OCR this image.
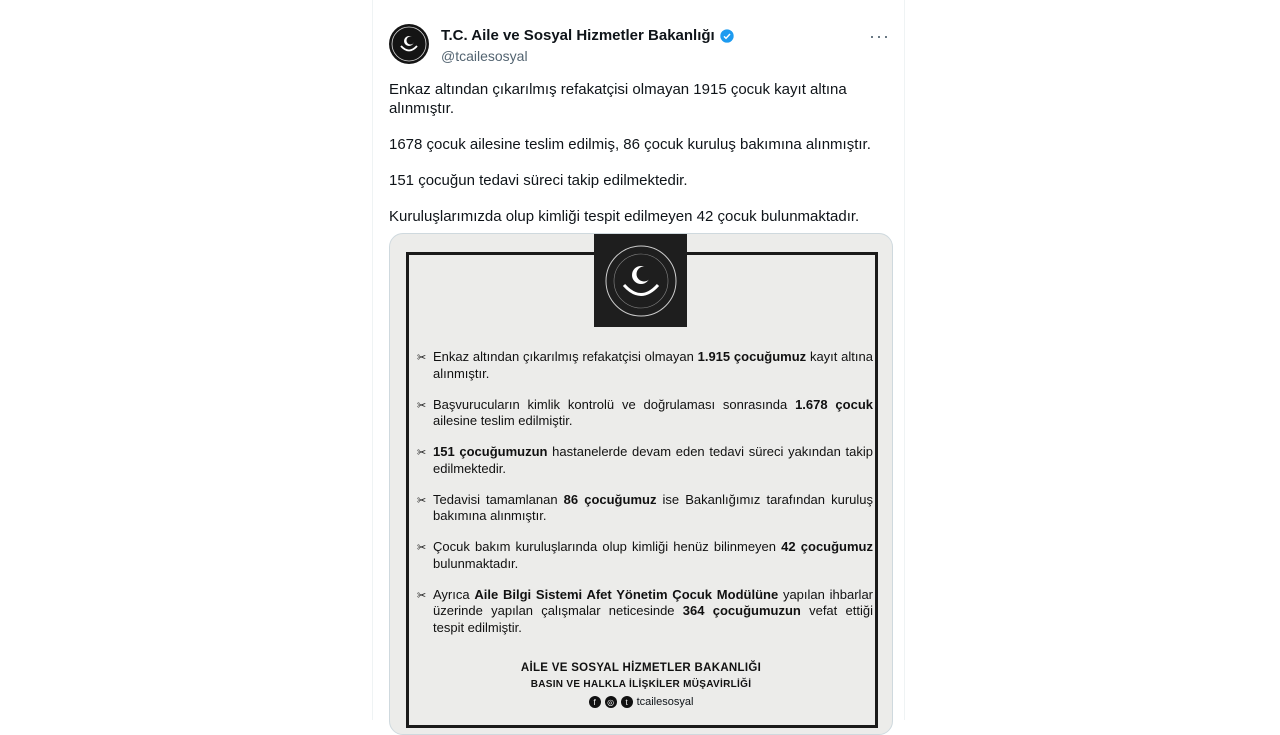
T.C. Aile ve Sosyal Hizmetler Bakanlığı
@tcailesosyal
···

Enkaz altından çıkarılmış refakatçisi olmayan 1915 çocuk kayıt altına alınmıştır.

1678 çocuk ailesine teslim edilmiş, 86 çocuk kuruluş bakımına alınmıştır.

151 çocuğun tedavi süreci takip edilmektedir.

Kuruluşlarımızda olup kimliği tespit edilmeyen 42 çocuk bulunmaktadır.

✂ Enkaz altından çıkarılmış refakatçisi olmayan 1.915 çocuğumuz kayıt altına alınmıştır.
✂ Başvurucuların kimlik kontrolü ve doğrulaması sonrasında 1.678 çocuk ailesine teslim edilmiştir.
✂ 151 çocuğumuzun hastanelerde devam eden tedavi süreci yakından takip edilmektedir.
✂ Tedavisi tamamlanan 86 çocuğumuz ise Bakanlığımız tarafından kuruluş bakımına alınmıştır.
✂ Çocuk bakım kuruluşlarında olup kimliği henüz bilinmeyen 42 çocuğumuz bulunmaktadır.
✂ Ayrıca Aile Bilgi Sistemi Afet Yönetim Çocuk Modülüne yapılan ihbarlar üzerinde yapılan çalışmalar neticesinde 364 çocuğumuzun vefat ettiği tespit edilmiştir.
AİLE VE SOSYAL HİZMETLER BAKANLIĞI
BASIN VE HALKLA İLİŞKİLER MÜŞAVİRLİĞİ
f	◎	t tcailesosyal
